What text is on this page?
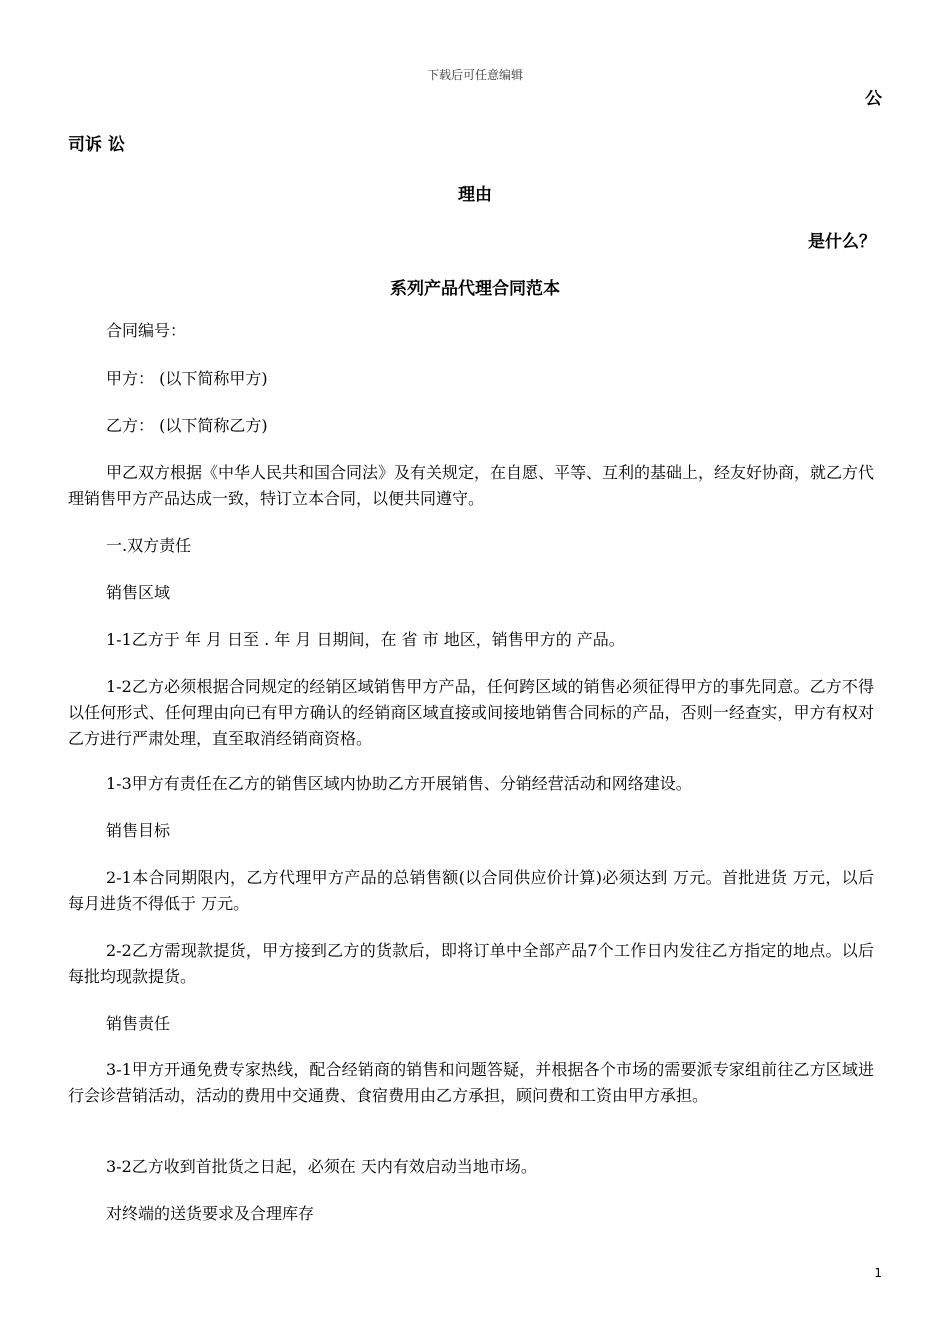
下载后可任意编辑
公
司诉 讼
理由
是什么？
系列产品代理合同范本
合同编号：
甲方： (以下简称甲方)
乙方： (以下简称乙方)
甲乙双方根据《中华人民共和国合同法》及有关规定，在自愿、平等、互利的基础上，经友好协商，就乙方代理销售甲方产品达成一致，特订立本合同，以便共同遵守。
一.双方责任
销售区域
1-1乙方于 年 月 日至 . 年 月 日期间，在 省 市 地区，销售甲方的 产品。
1-2乙方必须根据合同规定的经销区域销售甲方产品，任何跨区域的销售必须征得甲方的事先同意。乙方不得以任何形式、任何理由向已有甲方确认的经销商区域直接或间接地销售合同标的产品，否则一经查实，甲方有权对乙方进行严肃处理，直至取消经销商资格。
1-3甲方有责任在乙方的销售区域内协助乙方开展销售、分销经营活动和网络建设。
销售目标
2-1本合同期限内，乙方代理甲方产品的总销售额(以合同供应价计算)必须达到 万元。首批进货 万元，以后每月进货不得低于 万元。
2-2乙方需现款提货，甲方接到乙方的货款后，即将订单中全部产品7个工作日内发往乙方指定的地点。以后每批均现款提货。
销售责任
3-1甲方开通免费专家热线，配合经销商的销售和问题答疑，并根据各个市场的需要派专家组前往乙方区域进行会诊营销活动，活动的费用中交通费、食宿费用由乙方承担，顾问费和工资由甲方承担。
3-2乙方收到首批货之日起，必须在 天内有效启动当地市场。
对终端的送货要求及合理库存
1
